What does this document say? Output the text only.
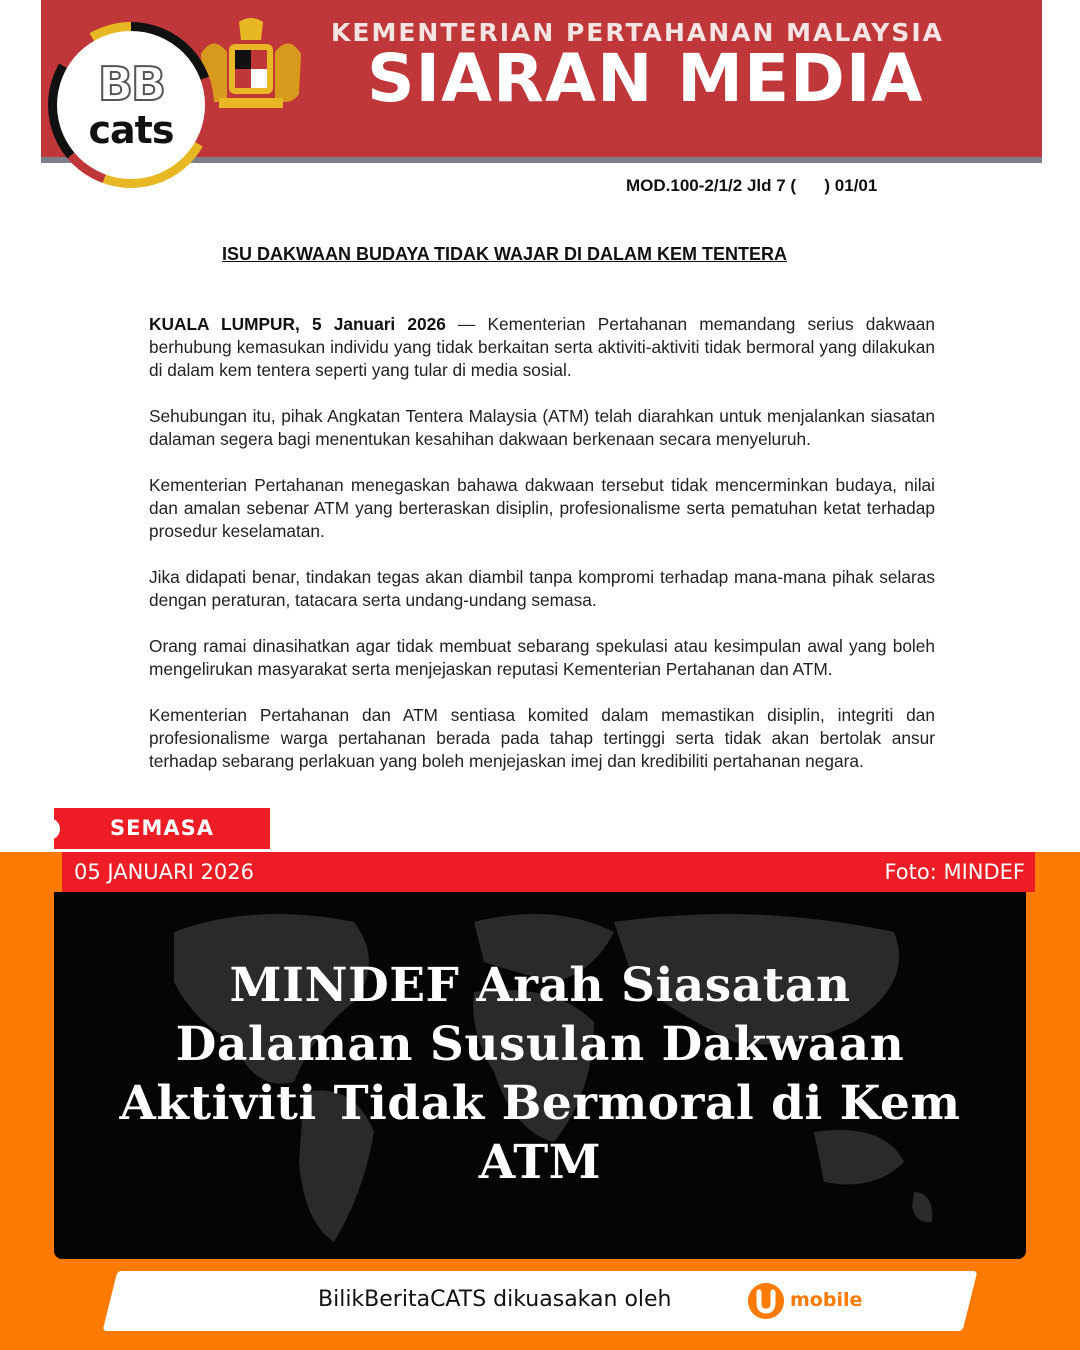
KEMENTERIAN PERTAHANAN MALAYSIA
SIARAN MEDIA
BB
cats

MOD.100-2/1/2 Jld 7 (      ) 01/01

ISU DAKWAAN BUDAYA TIDAK WAJAR DI DALAM KEM TENTERA

KUALA LUMPUR, 5 Januari 2026 — Kementerian Pertahanan memandang serius dakwaan berhubung kemasukan individu yang tidak berkaitan serta aktiviti-aktiviti tidak bermoral yang dilakukan di dalam kem tentera seperti yang tular di media sosial.

Sehubungan itu, pihak Angkatan Tentera Malaysia (ATM) telah diarahkan untuk menjalankan siasatan dalaman segera bagi menentukan kesahihan dakwaan berkenaan secara menyeluruh.

Kementerian Pertahanan menegaskan bahawa dakwaan tersebut tidak mencerminkan budaya, nilai dan amalan sebenar ATM yang berteraskan disiplin, profesionalisme serta pematuhan ketat terhadap prosedur keselamatan.

Jika didapati benar, tindakan tegas akan diambil tanpa kompromi terhadap mana-mana pihak selaras dengan peraturan, tatacara serta undang-undang semasa.

Orang ramai dinasihatkan agar tidak membuat sebarang spekulasi atau kesimpulan awal yang boleh mengelirukan masyarakat serta menjejaskan reputasi Kementerian Pertahanan dan ATM.

Kementerian Pertahanan dan ATM sentiasa komited dalam memastikan disiplin, integriti dan profesionalisme warga pertahanan berada pada tahap tertinggi serta tidak akan bertolak ansur terhadap sebarang perlakuan yang boleh menjejaskan imej dan kredibiliti pertahanan negara.

05 JANUARI 2026	Foto: MINDEF
SEMASA
MINDEF Arah Siasatan Dalaman Susulan Dakwaan Aktiviti Tidak Bermoral di Kem ATM
BilikBeritaCATS dikuasakan oleh	mobile
